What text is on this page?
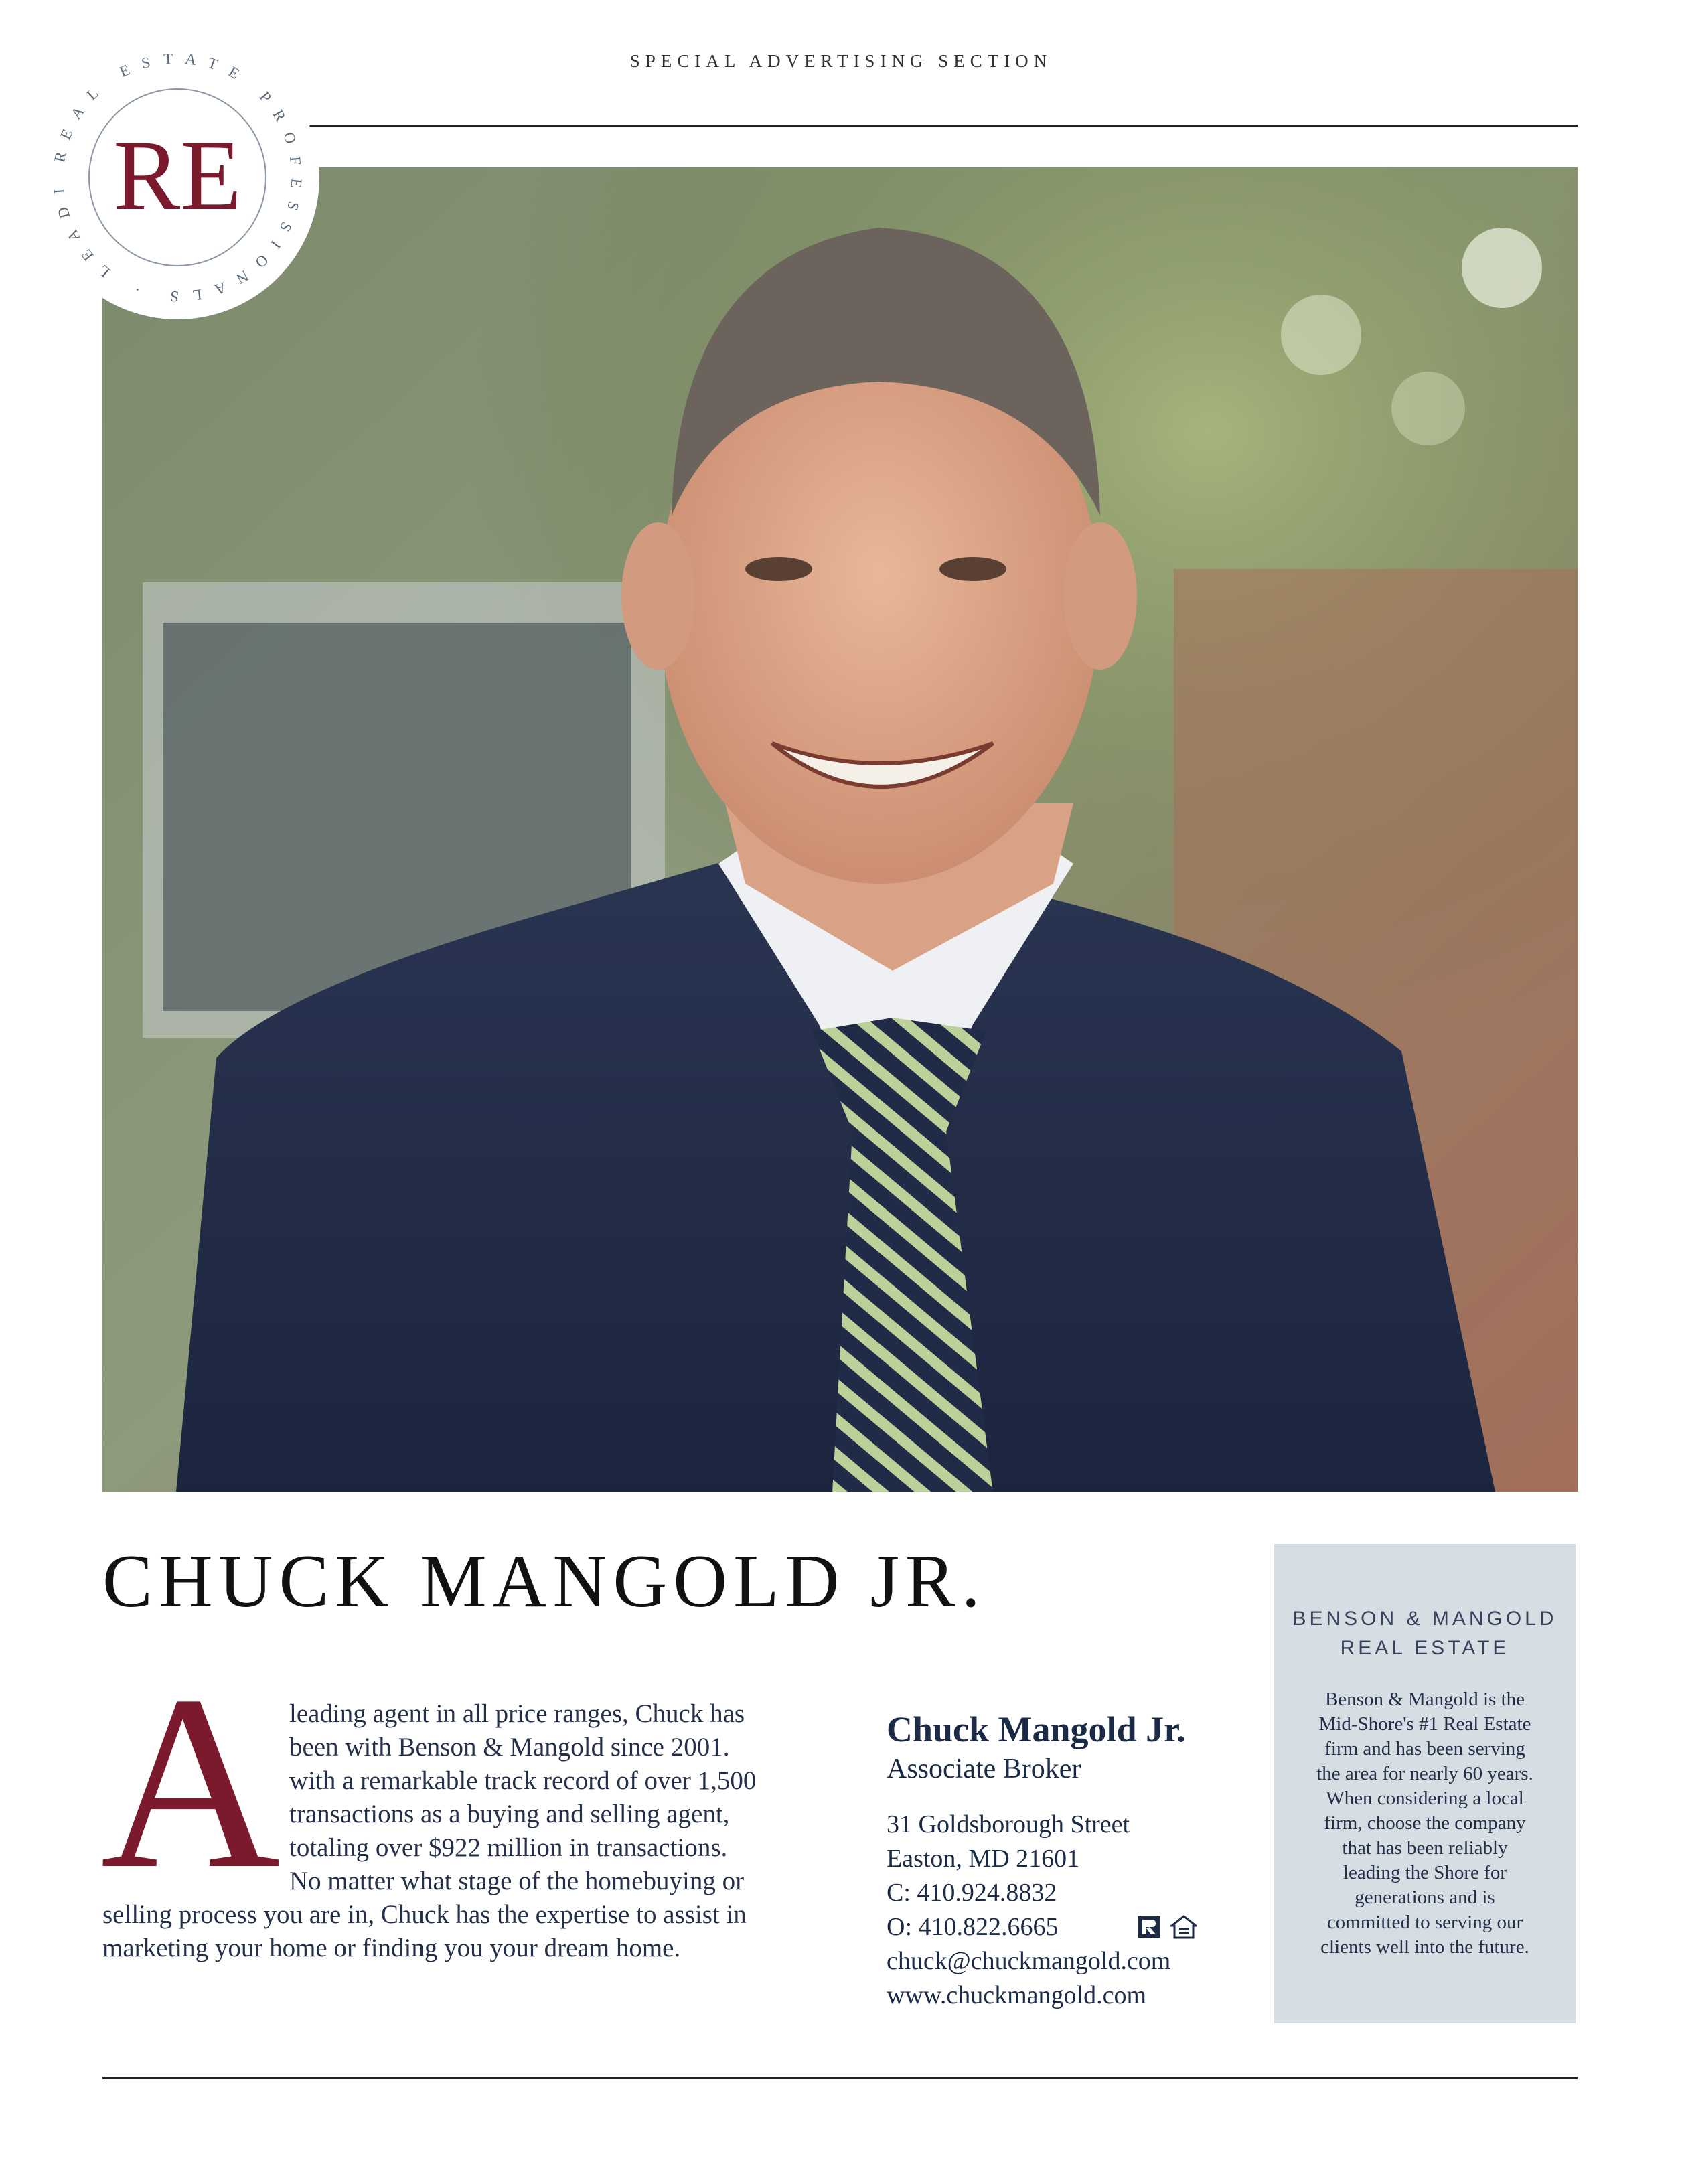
SPECIAL ADVERTISING SECTION
REAL ESTATE PROFESSIONALS · LEADI RE
CHUCK MANGOLD JR.
A leading agent in all price ranges, Chuck has
been with Benson & Mangold since 2001.
with a remarkable track record of over 1,500
transactions as a buying and selling agent,
totaling over $922 million in transactions.
No matter what stage of the homebuying or
selling process you are in, Chuck has the expertise to assist in
marketing your home or finding you your dream home.
Chuck Mangold Jr.
Associate Broker
31 Goldsborough Street
Easton, MD 21601
C: 410.924.8832
O: 410.822.6665
chuck@chuckmangold.com
www.chuckmangold.com
BENSON & MANGOLD
REAL ESTATE
Benson & Mangold is the
Mid-Shore's #1 Real Estate
firm and has been serving
the area for nearly 60 years.
When considering a local
firm, choose the company
that has been reliably
leading the Shore for
generations and is
committed to serving our
clients well into the future.
